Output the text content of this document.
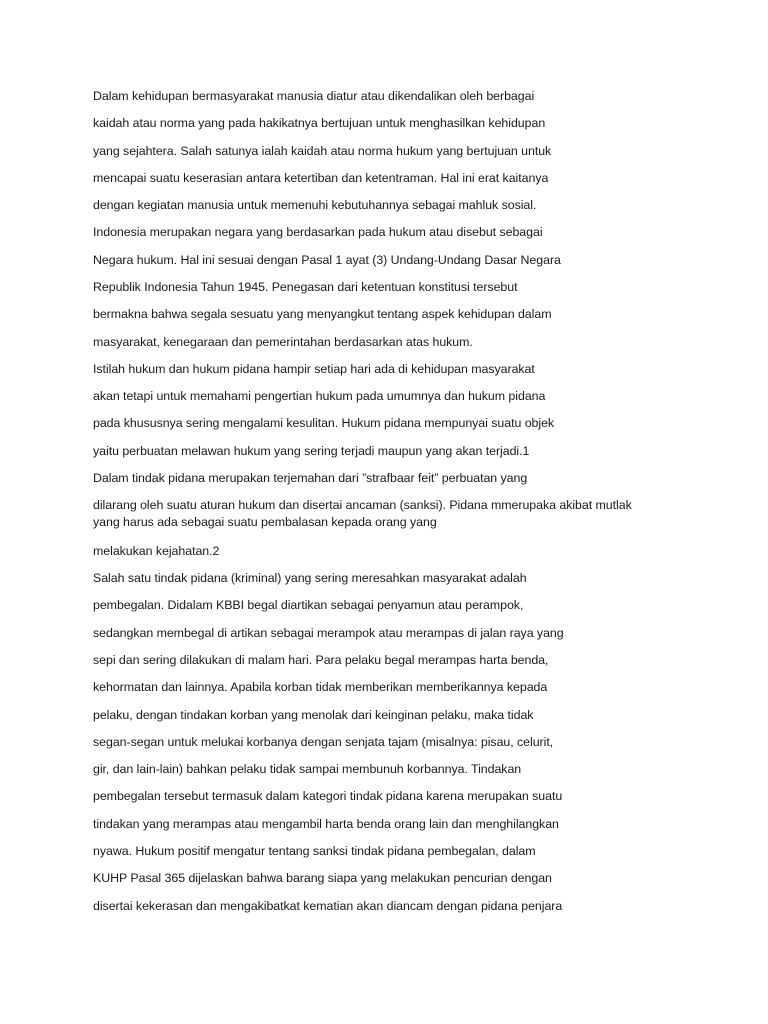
Dalam kehidupan bermasyarakat manusia diatur atau dikendalikan oleh berbagai
kaidah atau norma yang pada hakikatnya bertujuan untuk menghasilkan kehidupan
yang sejahtera. Salah satunya ialah kaidah atau norma hukum yang bertujuan untuk
mencapai suatu keserasian antara ketertiban dan ketentraman. Hal ini erat kaitanya
dengan kegiatan manusia untuk memenuhi kebutuhannya sebagai mahluk sosial.
Indonesia merupakan negara yang berdasarkan pada hukum atau disebut sebagai
Negara hukum. Hal ini sesuai dengan Pasal 1 ayat (3) Undang-Undang Dasar Negara
Republik Indonesia Tahun 1945. Penegasan dari ketentuan konstitusi tersebut
bermakna bahwa segala sesuatu yang menyangkut tentang aspek kehidupan dalam
masyarakat, kenegaraan dan pemerintahan berdasarkan atas hukum.
Istilah hukum dan hukum pidana hampir setiap hari ada di kehidupan masyarakat
akan tetapi untuk memahami pengertian hukum pada umumnya dan hukum pidana
pada khususnya sering mengalami kesulitan. Hukum pidana mempunyai suatu objek
yaitu perbuatan melawan hukum yang sering terjadi maupun yang akan terjadi.1
Dalam tindak pidana merupakan terjemahan dari ”strafbaar feit” perbuatan yang
dilarang oleh suatu aturan hukum dan disertai ancaman (sanksi). Pidana mmerupaka akibat mutlak
yang harus ada sebagai suatu pembalasan kepada orang yang
melakukan kejahatan.2
Salah satu tindak pidana (kriminal) yang sering meresahkan masyarakat adalah
pembegalan. Didalam KBBI begal diartikan sebagai penyamun atau perampok,
sedangkan membegal di artikan sebagai merampok atau merampas di jalan raya yang
sepi dan sering dilakukan di malam hari. Para pelaku begal merampas harta benda,
kehormatan dan lainnya. Apabila korban tidak memberikan memberikannya kepada
pelaku, dengan tindakan korban yang menolak dari keinginan pelaku, maka tidak
segan-segan untuk melukai korbanya dengan senjata tajam (misalnya: pisau, celurit,
gir, dan lain-lain) bahkan pelaku tidak sampai membunuh korbannya. Tindakan
pembegalan tersebut termasuk dalam kategori tindak pidana karena merupakan suatu
tindakan yang merampas atau mengambil harta benda orang lain dan menghilangkan
nyawa. Hukum positif mengatur tentang sanksi tindak pidana pembegalan, dalam
KUHP Pasal 365 dijelaskan bahwa barang siapa yang melakukan pencurian dengan
disertai kekerasan dan mengakibatkat kematian akan diancam dengan pidana penjara
